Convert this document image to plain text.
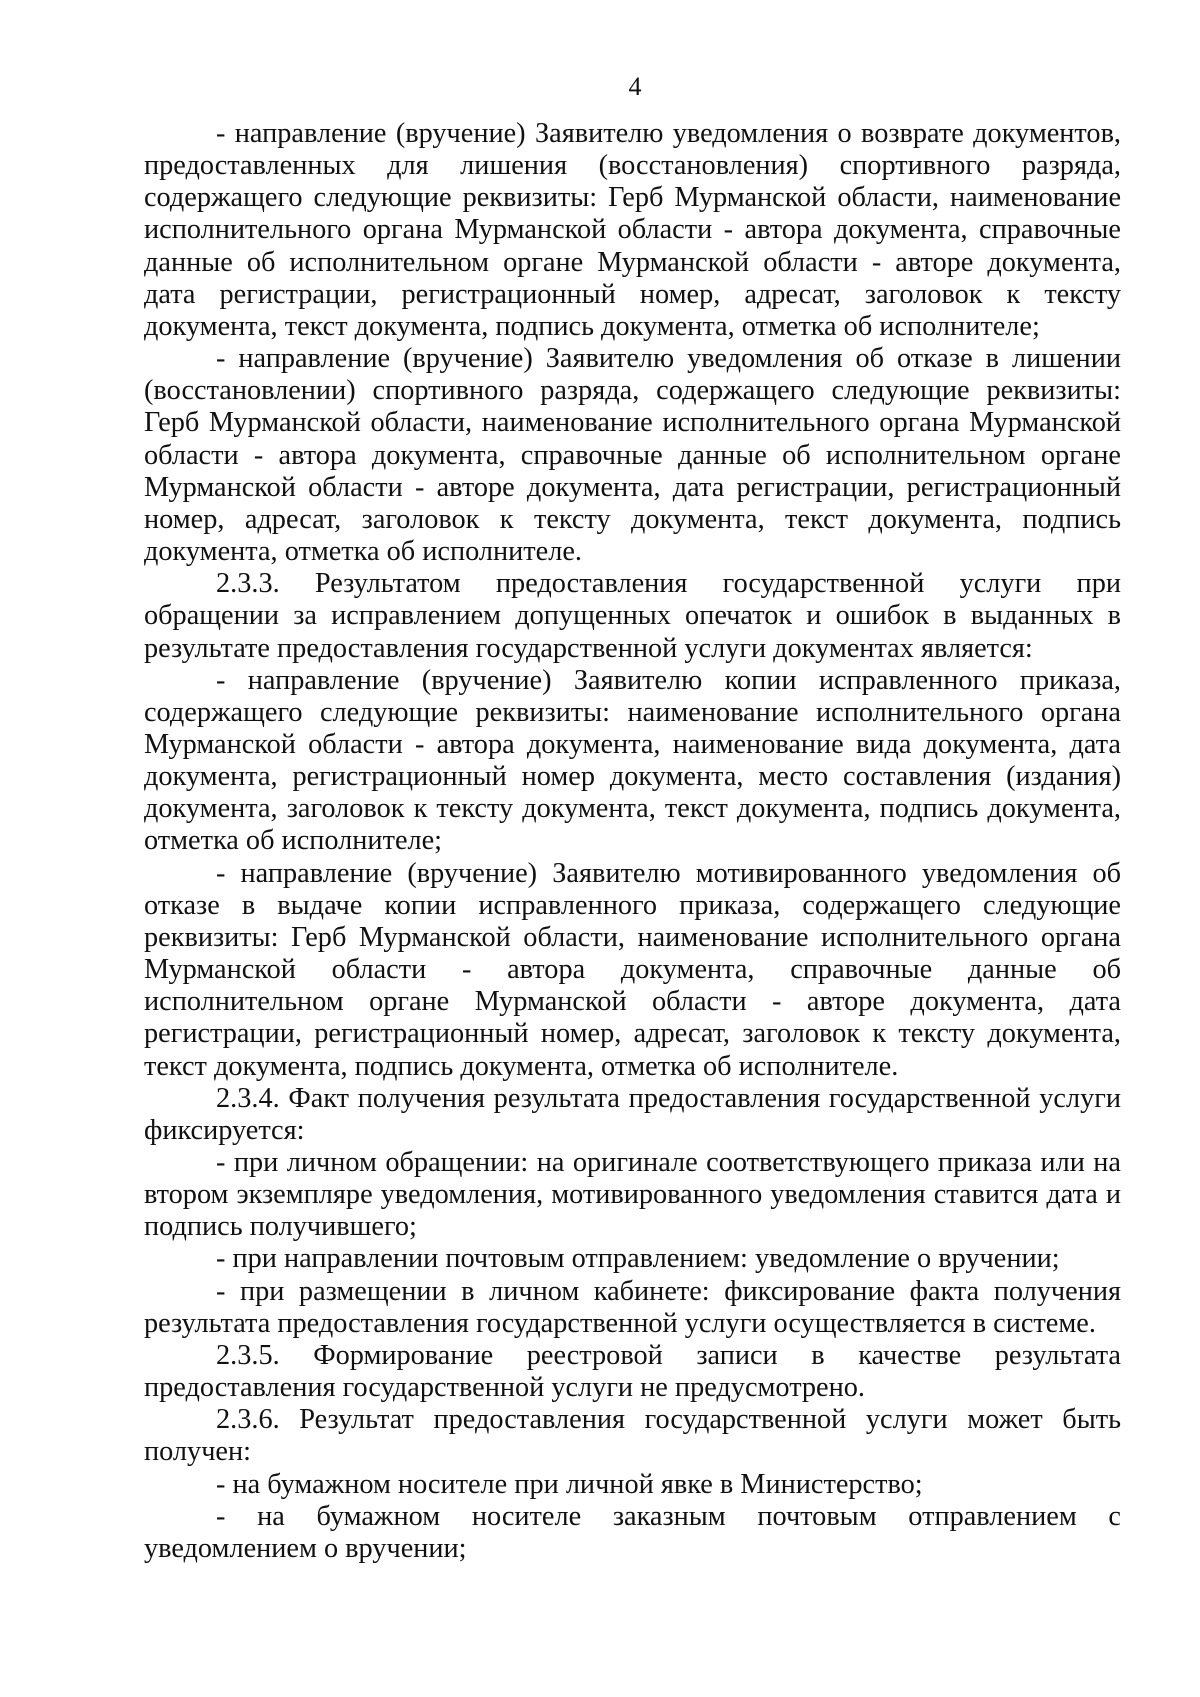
4

- направление (вручение) Заявителю уведомления о возврате документов, предоставленных для лишения (восстановления) спортивного разряда, содержащего следующие реквизиты: Герб Мурманской области, наименование исполнительного органа Мурманской области - автора документа, справочные данные об исполнительном органе Мурманской области - авторе документа, дата регистрации, регистрационный номер, адресат, заголовок к тексту документа, текст документа, подпись документа, отметка об исполнителе;

- направление (вручение) Заявителю уведомления об отказе в лишении (восстановлении) спортивного разряда, содержащего следующие реквизиты: Герб Мурманской области, наименование исполнительного органа Мурманской области - автора документа, справочные данные об исполнительном органе Мурманской области - авторе документа, дата регистрации, регистрационный номер, адресат, заголовок к тексту документа, текст документа, подпись документа, отметка об исполнителе.

2.3.3. Результатом предоставления государственной услуги при обращении за исправлением допущенных опечаток и ошибок в выданных в результате предоставления государственной услуги документах является:

- направление (вручение) Заявителю копии исправленного приказа, содержащего следующие реквизиты: наименование исполнительного органа Мурманской области - автора документа, наименование вида документа, дата документа, регистрационный номер документа, место составления (издания) документа, заголовок к тексту документа, текст документа, подпись документа, отметка об исполнителе;

- направление (вручение) Заявителю мотивированного уведомления об отказе в выдаче копии исправленного приказа, содержащего следующие реквизиты: Герб Мурманской области, наименование исполнительного органа Мурманской области - автора документа, справочные данные об исполнительном органе Мурманской области - авторе документа, дата регистрации, регистрационный номер, адресат, заголовок к тексту документа, текст документа, подпись документа, отметка об исполнителе.

2.3.4. Факт получения результата предоставления государственной услуги фиксируется:

- при личном обращении: на оригинале соответствующего приказа или на втором экземпляре уведомления, мотивированного уведомления ставится дата и подпись получившего;

- при направлении почтовым отправлением: уведомление о вручении;

- при размещении в личном кабинете: фиксирование факта получения результата предоставления государственной услуги осуществляется в системе.

2.3.5. Формирование реестровой записи в качестве результата предоставления государственной услуги не предусмотрено.

2.3.6. Результат предоставления государственной услуги может быть получен:

- на бумажном носителе при личной явке в Министерство;

- на бумажном носителе заказным почтовым отправлением с уведомлением о вручении;
